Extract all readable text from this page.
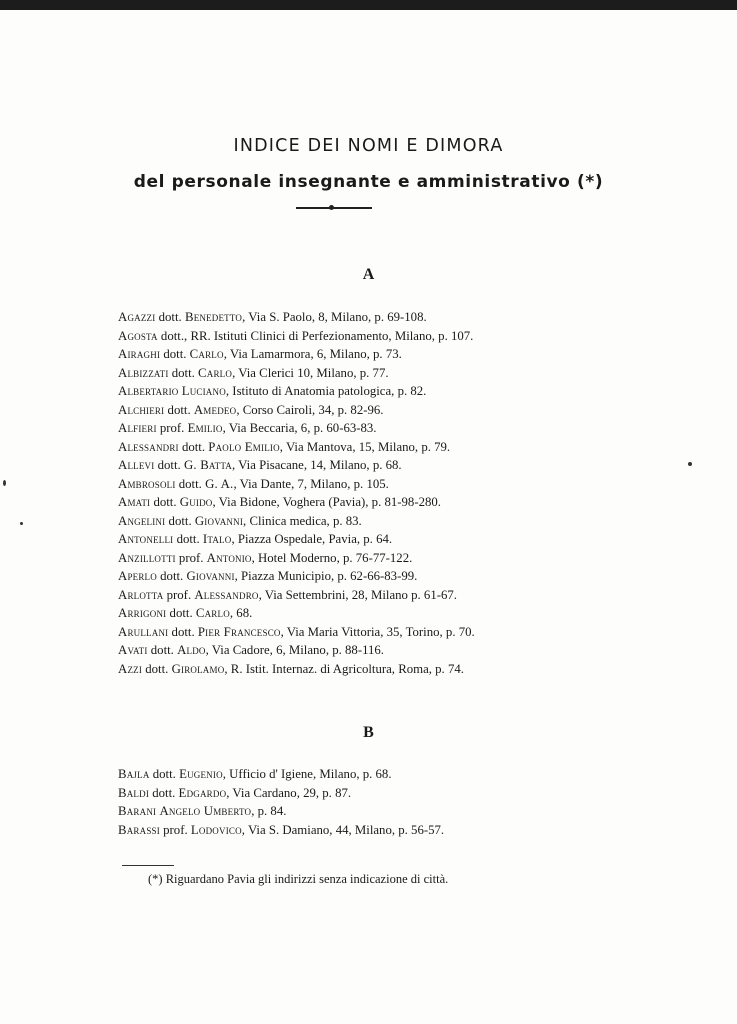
INDICE DEI NOMI E DIMORA
del personale insegnante e amministrativo (*)
A
Agazzi dott. Benedetto, Via S. Paolo, 8, Milano, p. 69-108.
Agosta dott., RR. Istituti Clinici di Perfezionamento, Milano, p. 107.
Airaghi dott. Carlo, Via Lamarmora, 6, Milano, p. 73.
Albizzati dott. Carlo, Via Clerici 10, Milano, p. 77.
Albertario Luciano, Istituto di Anatomia patologica, p. 82.
Alchieri dott. Amedeo, Corso Cairoli, 34, p. 82-96.
Alfieri prof. Emilio, Via Beccaria, 6, p. 60-63-83.
Alessandri dott. Paolo Emilio, Via Mantova, 15, Milano, p. 79.
Allevi dott. G. Batta, Via Pisacane, 14, Milano, p. 68.
Ambrosoli dott. G. A., Via Dante, 7, Milano, p. 105.
Amati dott. Guido, Via Bidone, Voghera (Pavia), p. 81-98-280.
Angelini dott. Giovanni, Clinica medica, p. 83.
Antonelli dott. Italo, Piazza Ospedale, Pavia, p. 64.
Anzillotti prof. Antonio, Hotel Moderno, p. 76-77-122.
Aperlo dott. Giovanni, Piazza Municipio, p. 62-66-83-99.
Arlotta prof. Alessandro, Via Settembrini, 28, Milano p. 61-67.
Arrigoni dott. Carlo, 68.
Arullani dott. Pier Francesco, Via Maria Vittoria, 35, Torino, p. 70.
Avati dott. Aldo, Via Cadore, 6, Milano, p. 88-116.
Azzi dott. Girolamo, R. Istit. Internaz. di Agricoltura, Roma, p. 74.
B
Bajla dott. Eugenio, Ufficio d' Igiene, Milano, p. 68.
Baldi dott. Edgardo, Via Cardano, 29, p. 87.
Barani Angelo Umberto, p. 84.
Barassi prof. Lodovico, Via S. Damiano, 44, Milano, p. 56-57.

(*) Riguardano Pavia gli indirizzi senza indicazione di città.
